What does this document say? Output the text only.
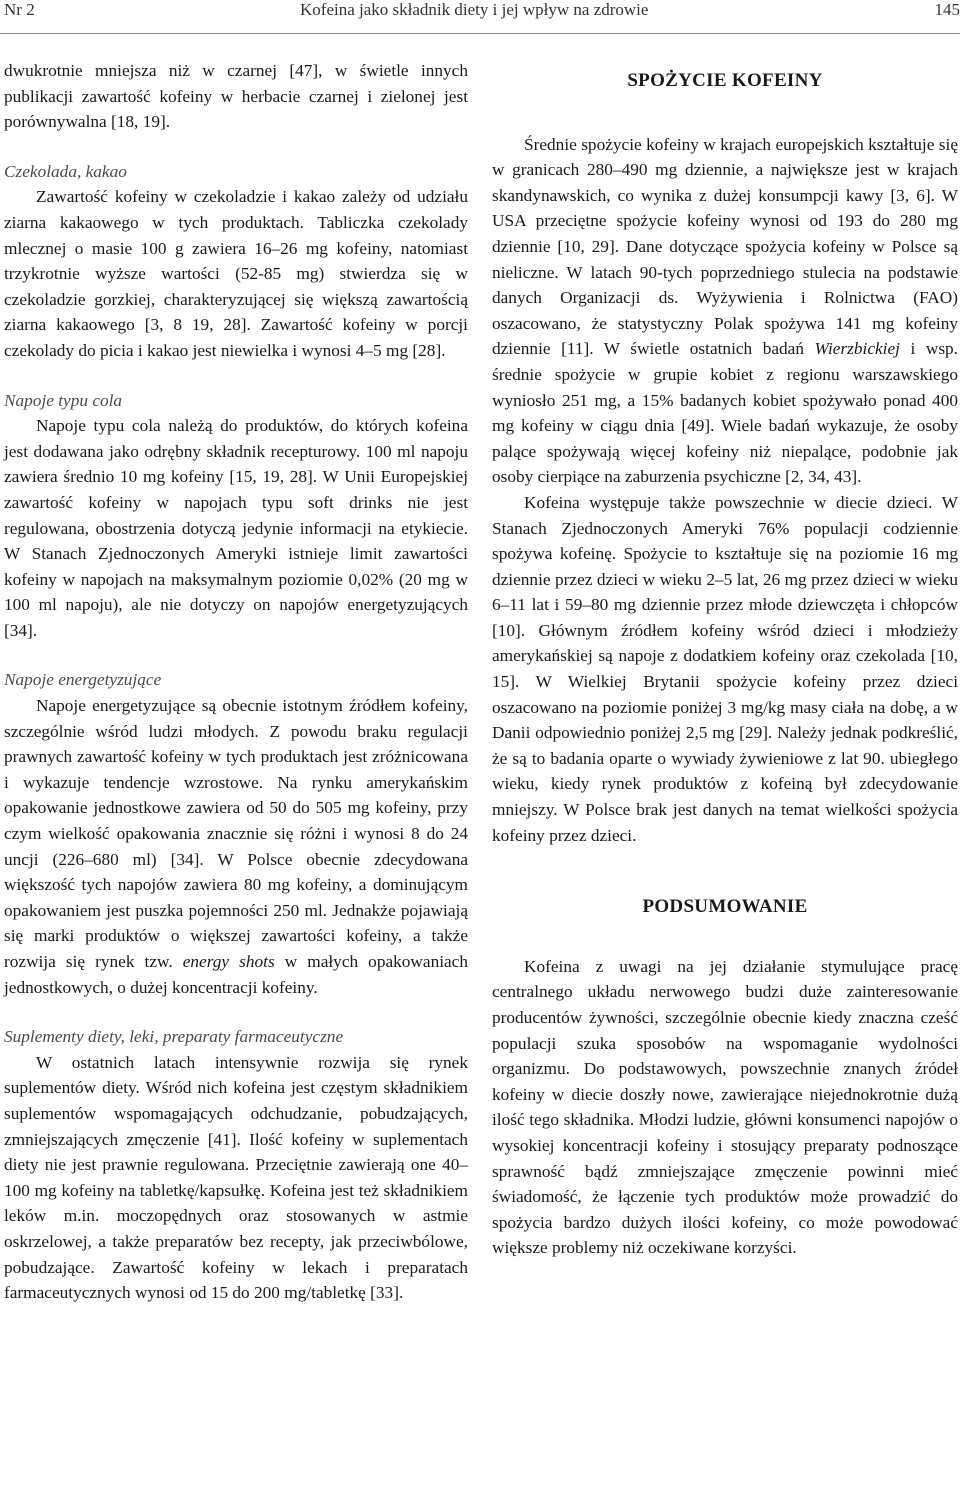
Nr 2	Kofeina jako składnik diety i jej wpływ na zdrowie	145

dwukrotnie mniejsza niż w czarnej [47], w świetle innych publikacji zawartość kofeiny w herbacie czarnej i zielonej jest porównywalna [18, 19].

Czekolada, kakao

Zawartość kofeiny w czekoladzie i kakao zależy od udziału ziarna kakaowego w tych produktach. Tabliczka czekolady mlecznej o masie 100 g zawiera 16–26 mg kofeiny, natomiast trzykrotnie wyższe wartości (52-85 mg) stwierdza się w czekoladzie gorzkiej, charakteryzującej się większą zawartością ziarna kakaowego [3, 8 19, 28]. Zawartość kofeiny w porcji czekolady do picia i kakao jest niewielka i wynosi 4–5 mg [28].

Napoje typu cola

Napoje typu cola należą do produktów, do których kofeina jest dodawana jako odrębny składnik recepturowy. 100 ml napoju zawiera średnio 10 mg kofeiny [15, 19, 28]. W Unii Europejskiej zawartość kofeiny w napojach typu soft drinks nie jest regulowana, obostrzenia dotyczą jedynie informacji na etykiecie. W Stanach Zjednoczonych Ameryki istnieje limit zawartości kofeiny w napojach na maksymalnym poziomie 0,02% (20 mg w 100 ml napoju), ale nie dotyczy on napojów energetyzujących [34].

Napoje energetyzujące

Napoje energetyzujące są obecnie istotnym źródłem kofeiny, szczególnie wśród ludzi młodych. Z powodu braku regulacji prawnych zawartość kofeiny w tych produktach jest zróżnicowana i wykazuje tendencje wzrostowe. Na rynku amerykańskim opakowanie jednostkowe zawiera od 50 do 505 mg kofeiny, przy czym wielkość opakowania znacznie się różni i wynosi 8 do 24 uncji (226–680 ml) [34]. W Polsce obecnie zdecydowana większość tych napojów zawiera 80 mg kofeiny, a dominującym opakowaniem jest puszka pojemności 250 ml. Jednakże pojawiają się marki produktów o większej zawartości kofeiny, a także rozwija się rynek tzw. energy shots w małych opakowaniach jednostkowych, o dużej koncentracji kofeiny.

Suplementy diety, leki, preparaty farmaceutyczne

W ostatnich latach intensywnie rozwija się rynek suplementów diety. Wśród nich kofeina jest częstym składnikiem suplementów wspomagających odchudzanie, pobudzających, zmniejszających zmęczenie [41]. Ilość kofeiny w suplementach diety nie jest prawnie regulowana. Przeciętnie zawierają one 40–100 mg kofeiny na tabletkę/kapsułkę. Kofeina jest też składnikiem leków m.in. moczopędnych oraz stosowanych w astmie oskrzelowej, a także preparatów bez recepty, jak przeciwbólowe, pobudzające. Zawartość kofeiny w lekach i preparatach farmaceutycznych wynosi od 15 do 200 mg/tabletkę [33].

SPOŻYCIE KOFEINY

Średnie spożycie kofeiny w krajach europejskich kształtuje się w granicach 280–490 mg dziennie, a największe jest w krajach skandynawskich, co wynika z dużej konsumpcji kawy [3, 6]. W USA przeciętne spożycie kofeiny wynosi od 193 do 280 mg dziennie [10, 29]. Dane dotyczące spożycia kofeiny w Polsce są nieliczne. W latach 90-tych poprzedniego stulecia na podstawie danych Organizacji ds. Wyżywienia i Rolnictwa (FAO) oszacowano, że statystyczny Polak spożywa 141 mg kofeiny dziennie [11]. W świetle ostatnich badań Wierzbickiej i wsp. średnie spożycie w grupie kobiet z regionu warszawskiego wyniosło 251 mg, a 15% badanych kobiet spożywało ponad 400 mg kofeiny w ciągu dnia [49]. Wiele badań wykazuje, że osoby palące spożywają więcej kofeiny niż niepalące, podobnie jak osoby cierpiące na zaburzenia psychiczne [2, 34, 43].

Kofeina występuje także powszechnie w diecie dzieci. W Stanach Zjednoczonych Ameryki 76% populacji codziennie spożywa kofeinę. Spożycie to kształtuje się na poziomie 16 mg dziennie przez dzieci w wieku 2–5 lat, 26 mg przez dzieci w wieku 6–11 lat i 59–80 mg dziennie przez młode dziewczęta i chłopców [10]. Głównym źródłem kofeiny wśród dzieci i młodzieży amerykańskiej są napoje z dodatkiem kofeiny oraz czekolada [10, 15]. W Wielkiej Brytanii spożycie kofeiny przez dzieci oszacowano na poziomie poniżej 3 mg/kg masy ciała na dobę, a w Danii odpowiednio poniżej 2,5 mg [29]. Należy jednak podkreślić, że są to badania oparte o wywiady żywieniowe z lat 90. ubiegłego wieku, kiedy rynek produktów z kofeiną był zdecydowanie mniejszy. W Polsce brak jest danych na temat wielkości spożycia kofeiny przez dzieci.

PODSUMOWANIE

Kofeina z uwagi na jej działanie stymulujące pracę centralnego układu nerwowego budzi duże zainteresowanie producentów żywności, szczególnie obecnie kiedy znaczna cześć populacji szuka sposobów na wspomaganie wydolności organizmu. Do podstawowych, powszechnie znanych źródeł kofeiny w diecie doszły nowe, zawierające niejednokrotnie dużą ilość tego składnika. Młodzi ludzie, główni konsumenci napojów o wysokiej koncentracji kofeiny i stosujący preparaty podnoszące sprawność bądź zmniejszające zmęczenie powinni mieć świadomość, że łączenie tych produktów może prowadzić do spożycia bardzo dużych ilości kofeiny, co może powodować większe problemy niż oczekiwane korzyści.
